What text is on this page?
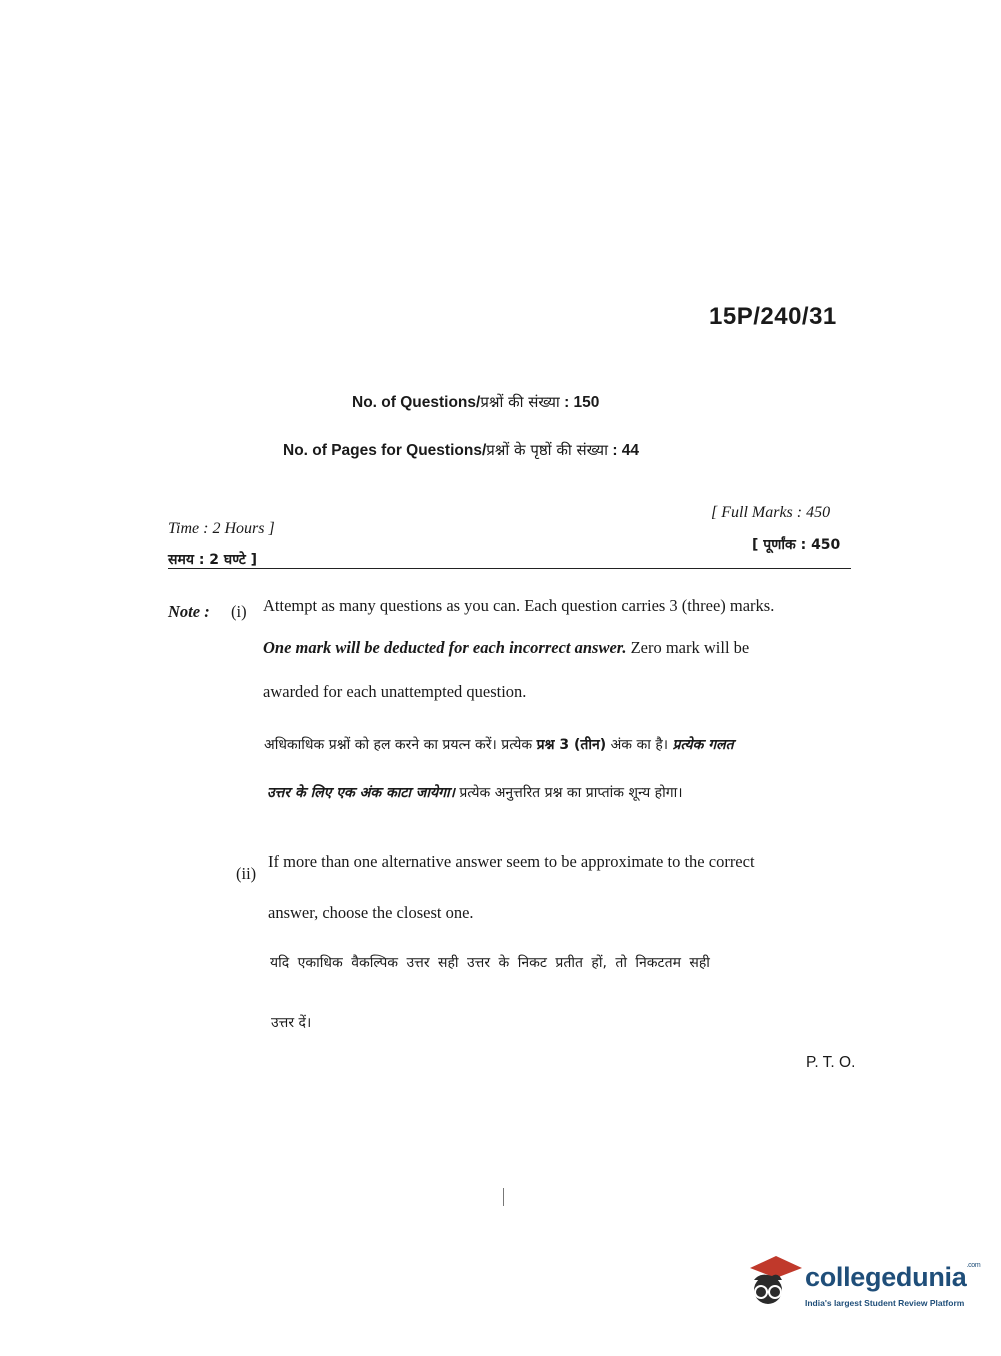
15P/240/31
No. of Questions/प्रश्नों की संख्या : 150
No. of Pages for Questions/प्रश्नों के पृष्ठों की संख्या : 44
Time : 2 Hours ]
समय : 2 घण्टे ]
[ Full Marks : 450
[ पूर्णांक : 450
Note : (i) Attempt as many questions as you can. Each question carries 3 (three) marks.
One mark will be deducted for each incorrect answer. Zero mark will be
awarded for each unattempted question.
अधिकाधिक प्रश्नों को हल करने का प्रयत्न करें। प्रत्येक प्रश्न 3 (तीन) अंक का है। प्रत्येक गलत
उत्तर के लिए एक अंक काटा जायेगा। प्रत्येक अनुत्तरित प्रश्न का प्राप्तांक शून्य होगा।
(ii)
If more than one alternative answer seem to be approximate to the correct
answer, choose the closest one.
यदि एकाधिक वैकल्पिक उत्तर सही उत्तर के निकट प्रतीत हों, तो निकटतम सही
उत्तर दें।
P. T. O.
collegedunia$^{.com}$
India's largest Student Review Platform
